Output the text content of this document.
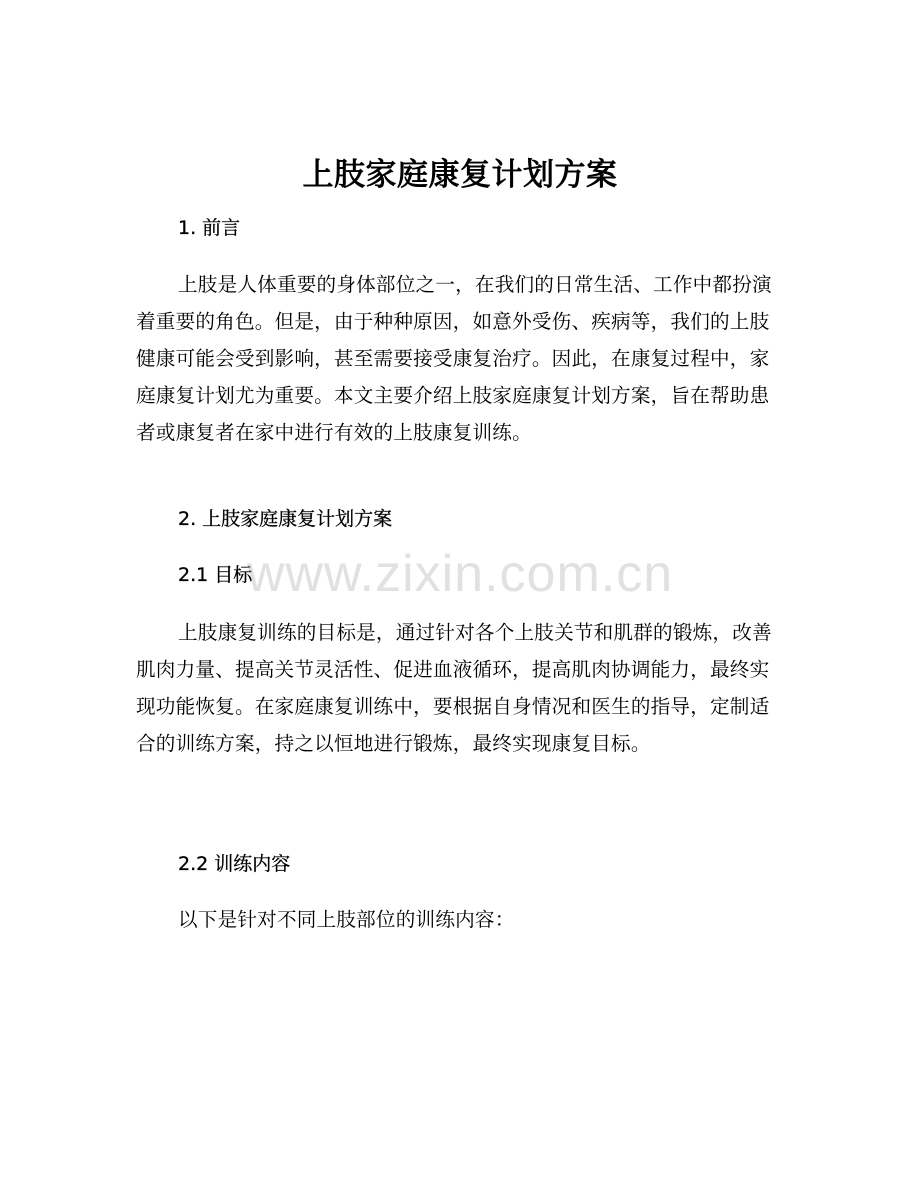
上肢家庭康复计划方案
1. 前言
上肢是人体重要的身体部位之一，在我们的日常生活、工作中都扮演着重要的角色。但是，由于种种原因，如意外受伤、疾病等，我们的上肢健康可能会受到影响，甚至需要接受康复治疗。因此，在康复过程中，家庭康复计划尤为重要。本文主要介绍上肢家庭康复计划方案，旨在帮助患者或康复者在家中进行有效的上肢康复训练。
2. 上肢家庭康复计划方案
2.1 目标
上肢康复训练的目标是，通过针对各个上肢关节和肌群的锻炼，改善肌肉力量、提高关节灵活性、促进血液循环，提高肌肉协调能力，最终实现功能恢复。在家庭康复训练中，要根据自身情况和医生的指导，定制适合的训练方案，持之以恒地进行锻炼，最终实现康复目标。
2.2 训练内容
以下是针对不同上肢部位的训练内容：
www.zixin.com.cn
